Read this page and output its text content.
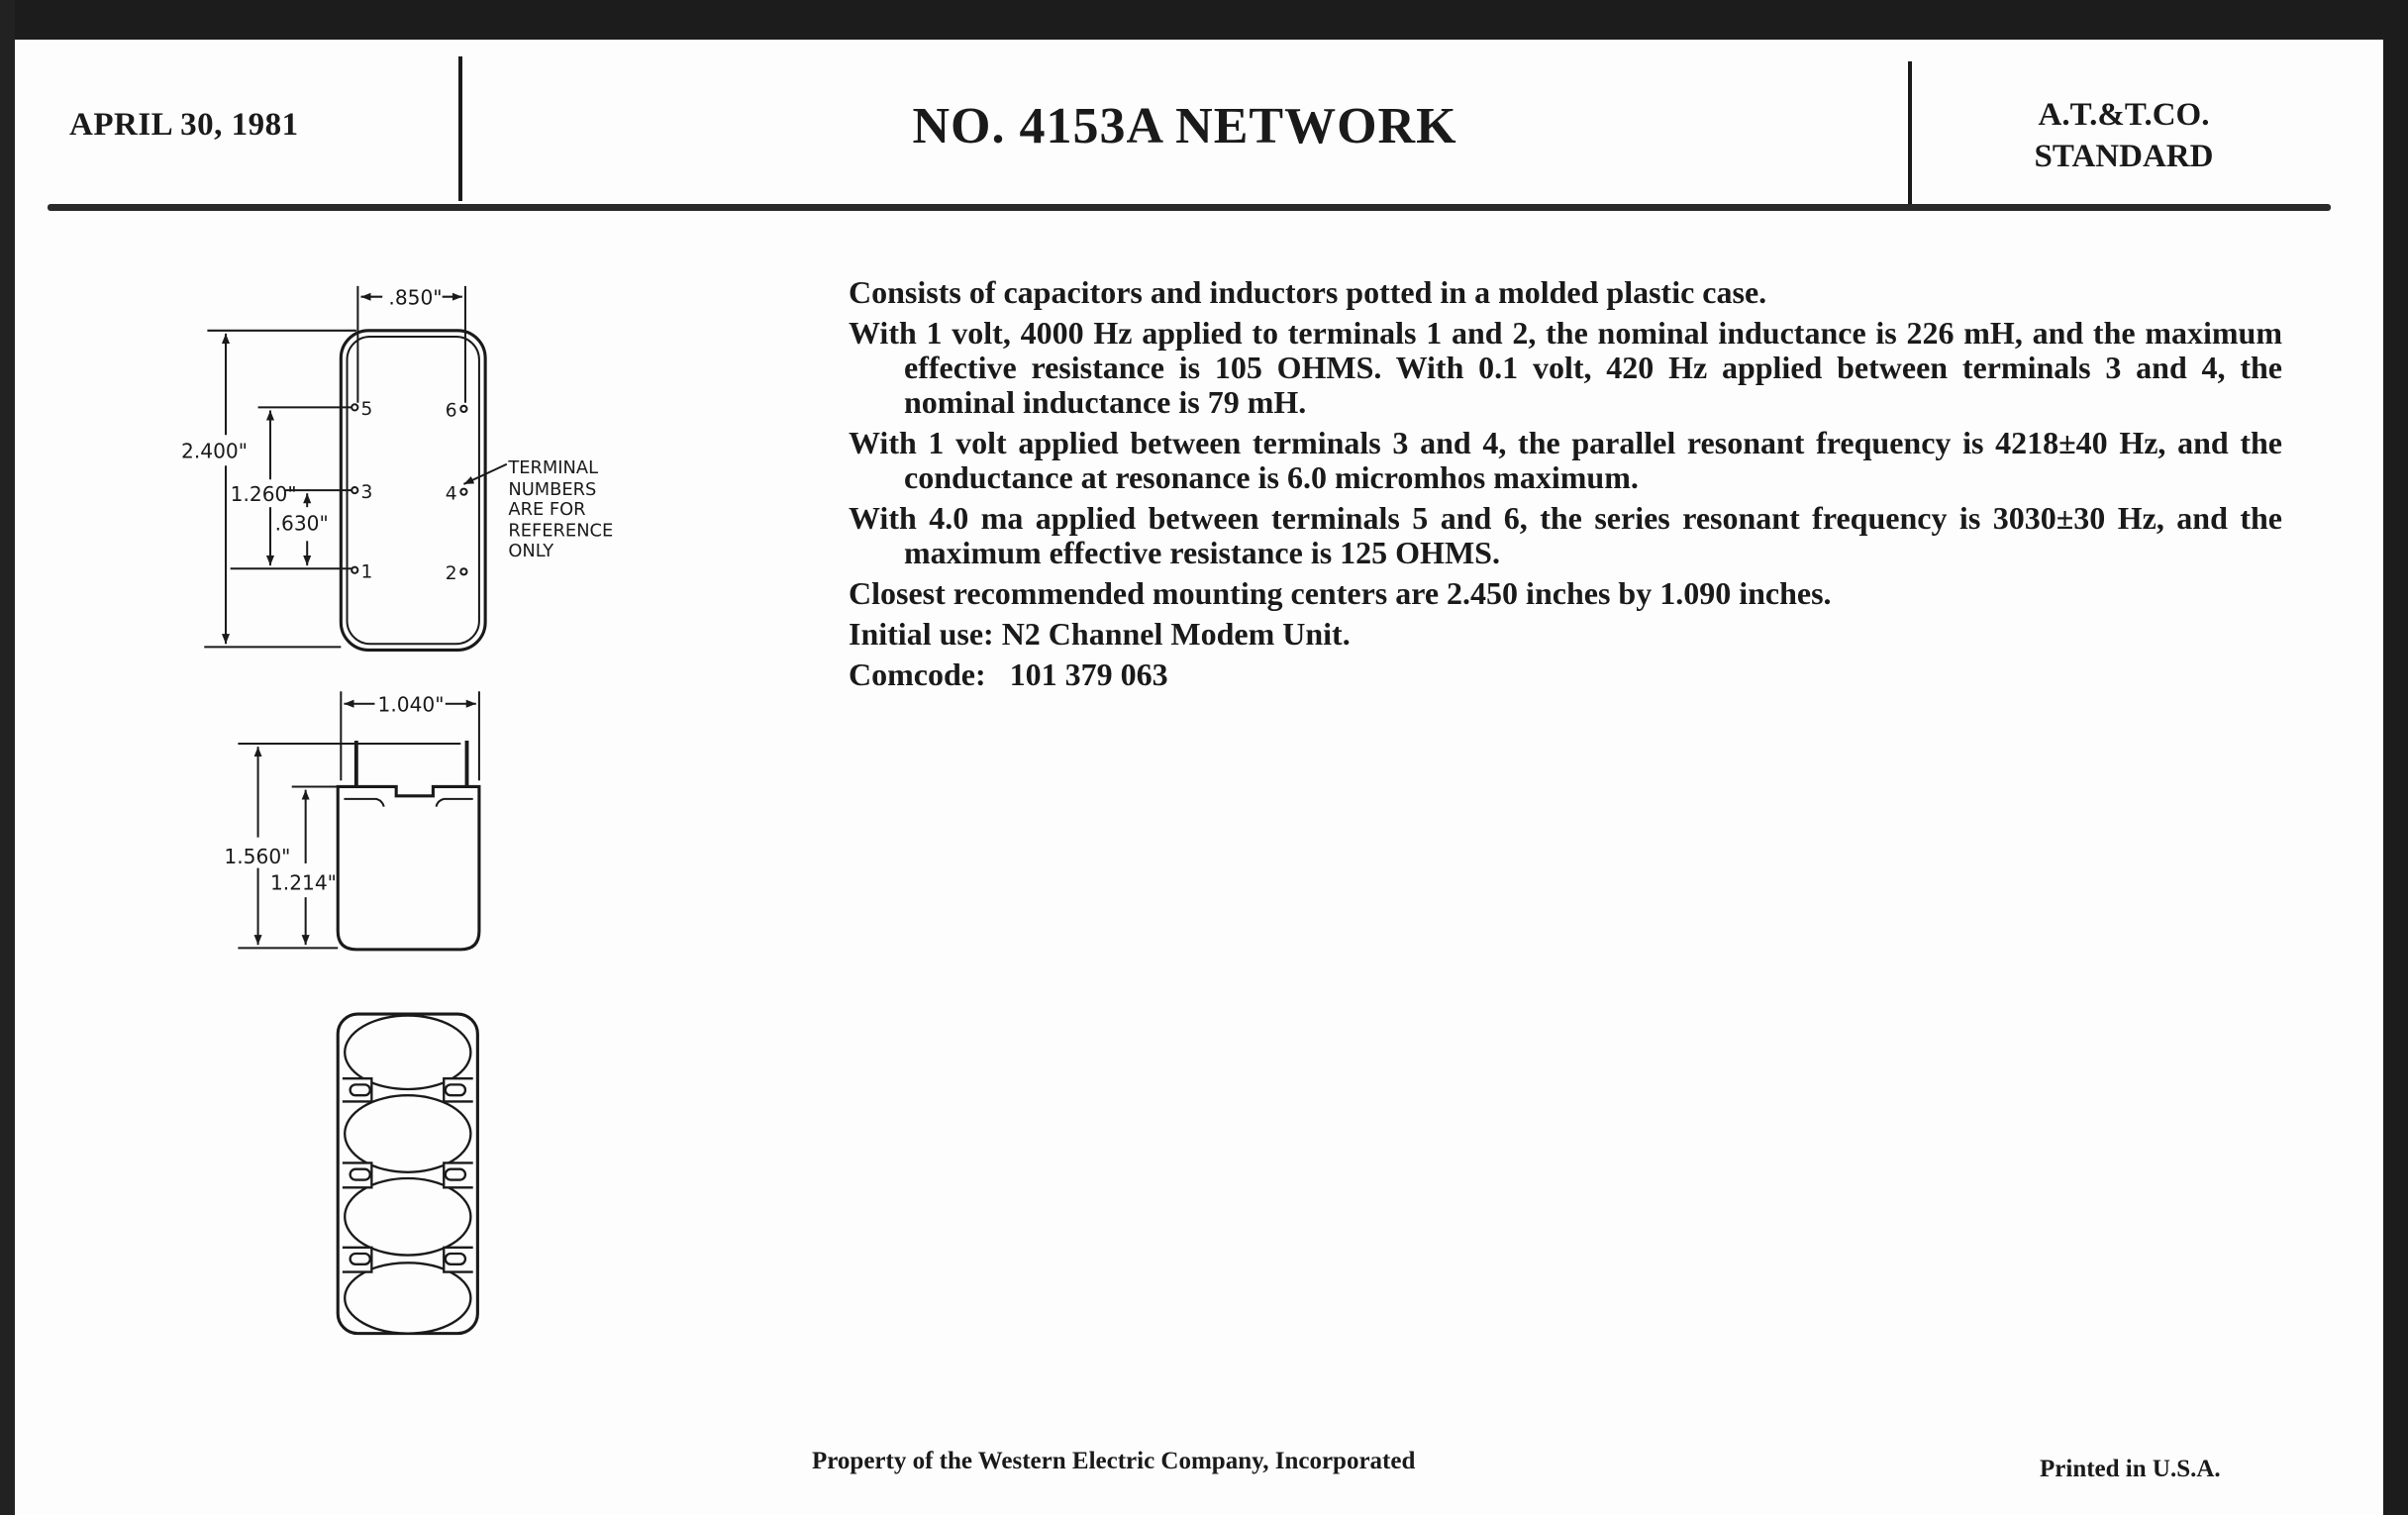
APRIL 30, 1981	NO. 4153A NETWORK	A.T.&T.CO.
STANDARD

Consists of capacitors and inductors potted in a molded plastic case.

With 1 volt, 4000 Hz applied to terminals 1 and 2, the nominal inductance is 226 mH, and the maximum effective resistance is 105 OHMS. With 0.1 volt, 420 Hz applied between terminals 3 and 4, the nominal inductance is 79 mH.

With 1 volt applied between terminals 3 and 4, the parallel resonant frequency is 4218±40 Hz, and the conductance at resonance is 6.0 micromhos maximum.

With 4.0 ma applied between terminals 5 and 6, the series resonant frequency is 3030±30 Hz, and the maximum effective resistance is 125 OHMS.

Closest recommended mounting centers are 2.450 inches by 1.090 inches.

Initial use: N2 Channel Modem Unit.

Comcode:   101 379 063

.850"
2.400"
1.260"
.630"
5	6
3	4
1	2
TERMINAL
NUMBERS
ARE FOR
REFERENCE
ONLY
1.040"
1.560"
1.214"
Property of the Western Electric Company, Incorporated	Printed in U.S.A.
